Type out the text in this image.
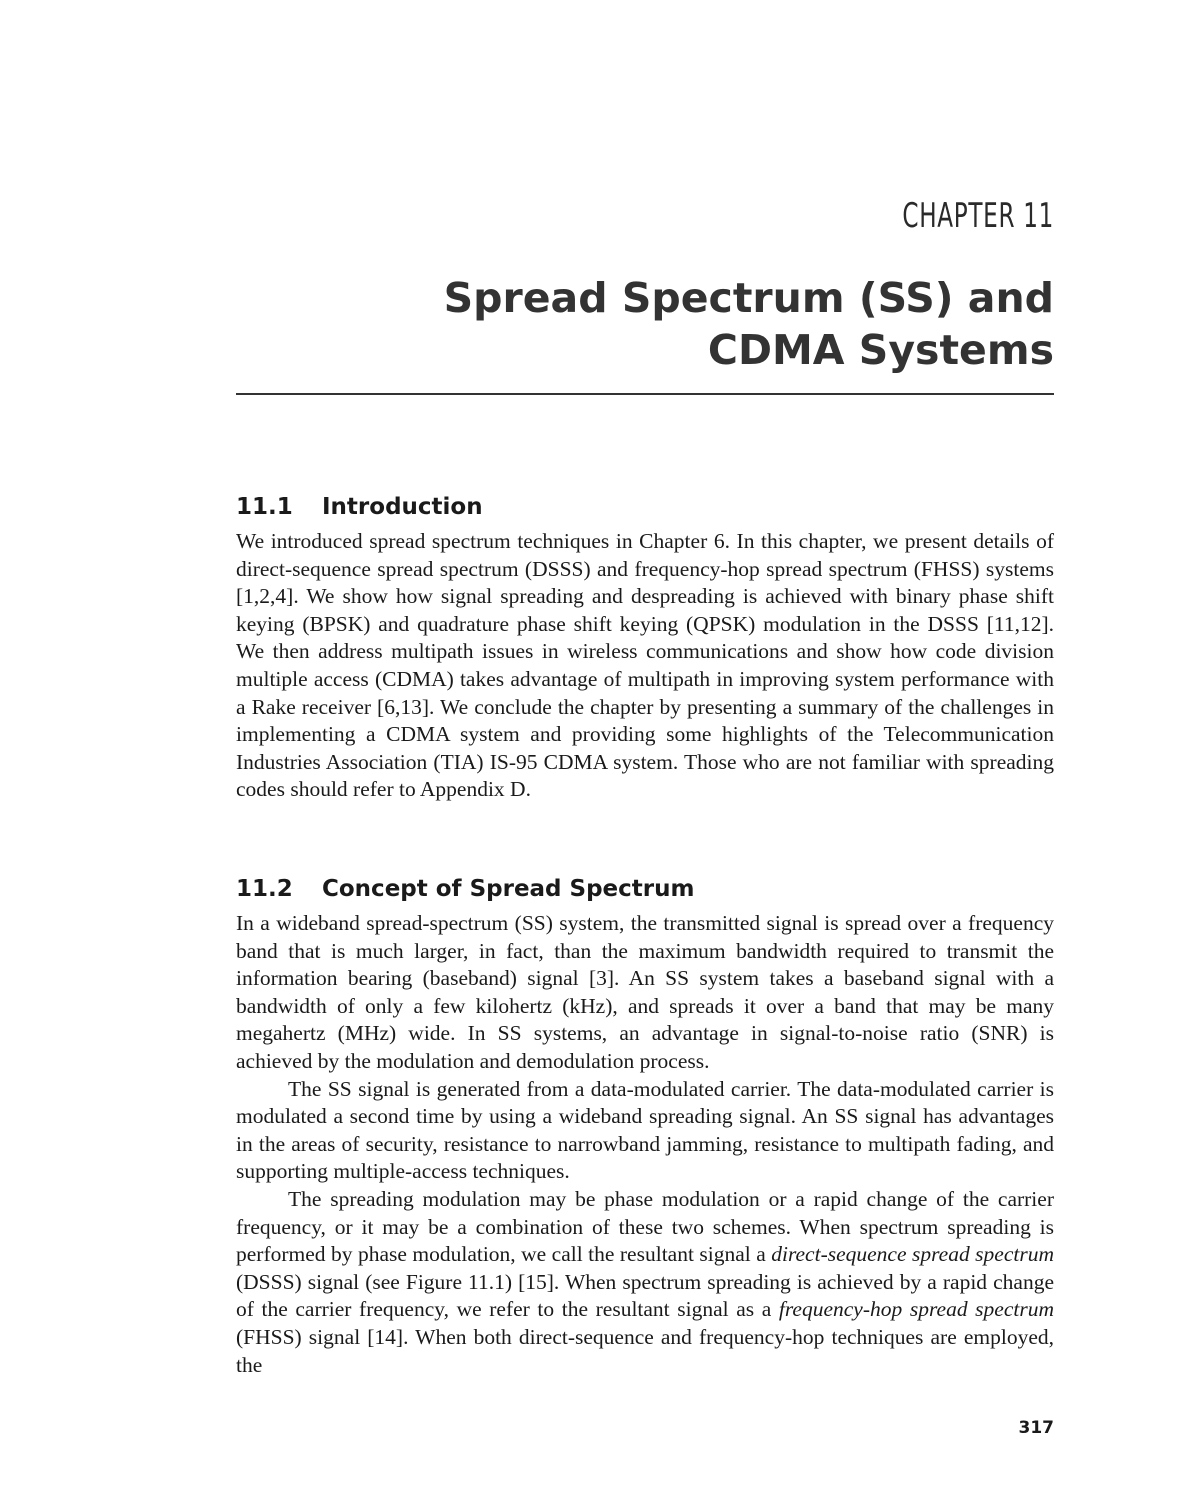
CHAPTER 11
Spread Spectrum (SS) and
CDMA Systems
11.1 Introduction

We introduced spread spectrum techniques in Chapter 6. In this chapter, we present details of direct-sequence spread spectrum (DSSS) and frequency-hop spread spectrum (FHSS) systems [1,2,4]. We show how signal spreading and despreading is achieved with binary phase shift keying (BPSK) and quadrature phase shift keying (QPSK) modulation in the DSSS [11,12]. We then address multipath issues in wireless communications and show how code division multiple access (CDMA) takes advantage of multipath in improving system performance with a Rake receiver [6,13]. We conclude the chapter by presenting a summary of the challenges in implementing a CDMA system and providing some highlights of the Telecommunication Industries Association (TIA) IS-95 CDMA system. Those who are not familiar with spreading codes should refer to Appendix D.

11.2 Concept of Spread Spectrum

In a wideband spread-spectrum (SS) system, the transmitted signal is spread over a frequency band that is much larger, in fact, than the maximum bandwidth required to transmit the information bearing (baseband) signal [3]. An SS system takes a baseband signal with a bandwidth of only a few kilohertz (kHz), and spreads it over a band that may be many megahertz (MHz) wide. In SS systems, an advantage in signal-to-noise ratio (SNR) is achieved by the modulation and demodulation process.

The SS signal is generated from a data-modulated carrier. The data-modulated carrier is modulated a second time by using a wideband spreading signal. An SS signal has advantages in the areas of security, resistance to narrowband jamming, resistance to multipath fading, and supporting multiple-access techniques.

The spreading modulation may be phase modulation or a rapid change of the carrier frequency, or it may be a combination of these two schemes. When spectrum spreading is performed by phase modulation, we call the resultant signal a direct-sequence spread spectrum (DSSS) signal (see Figure 11.1) [15]. When spectrum spreading is achieved by a rapid change of the carrier frequency, we refer to the resultant signal as a frequency-hop spread spectrum (FHSS) signal [14]. When both direct-sequence and frequency-hop techniques are employed, the

317
